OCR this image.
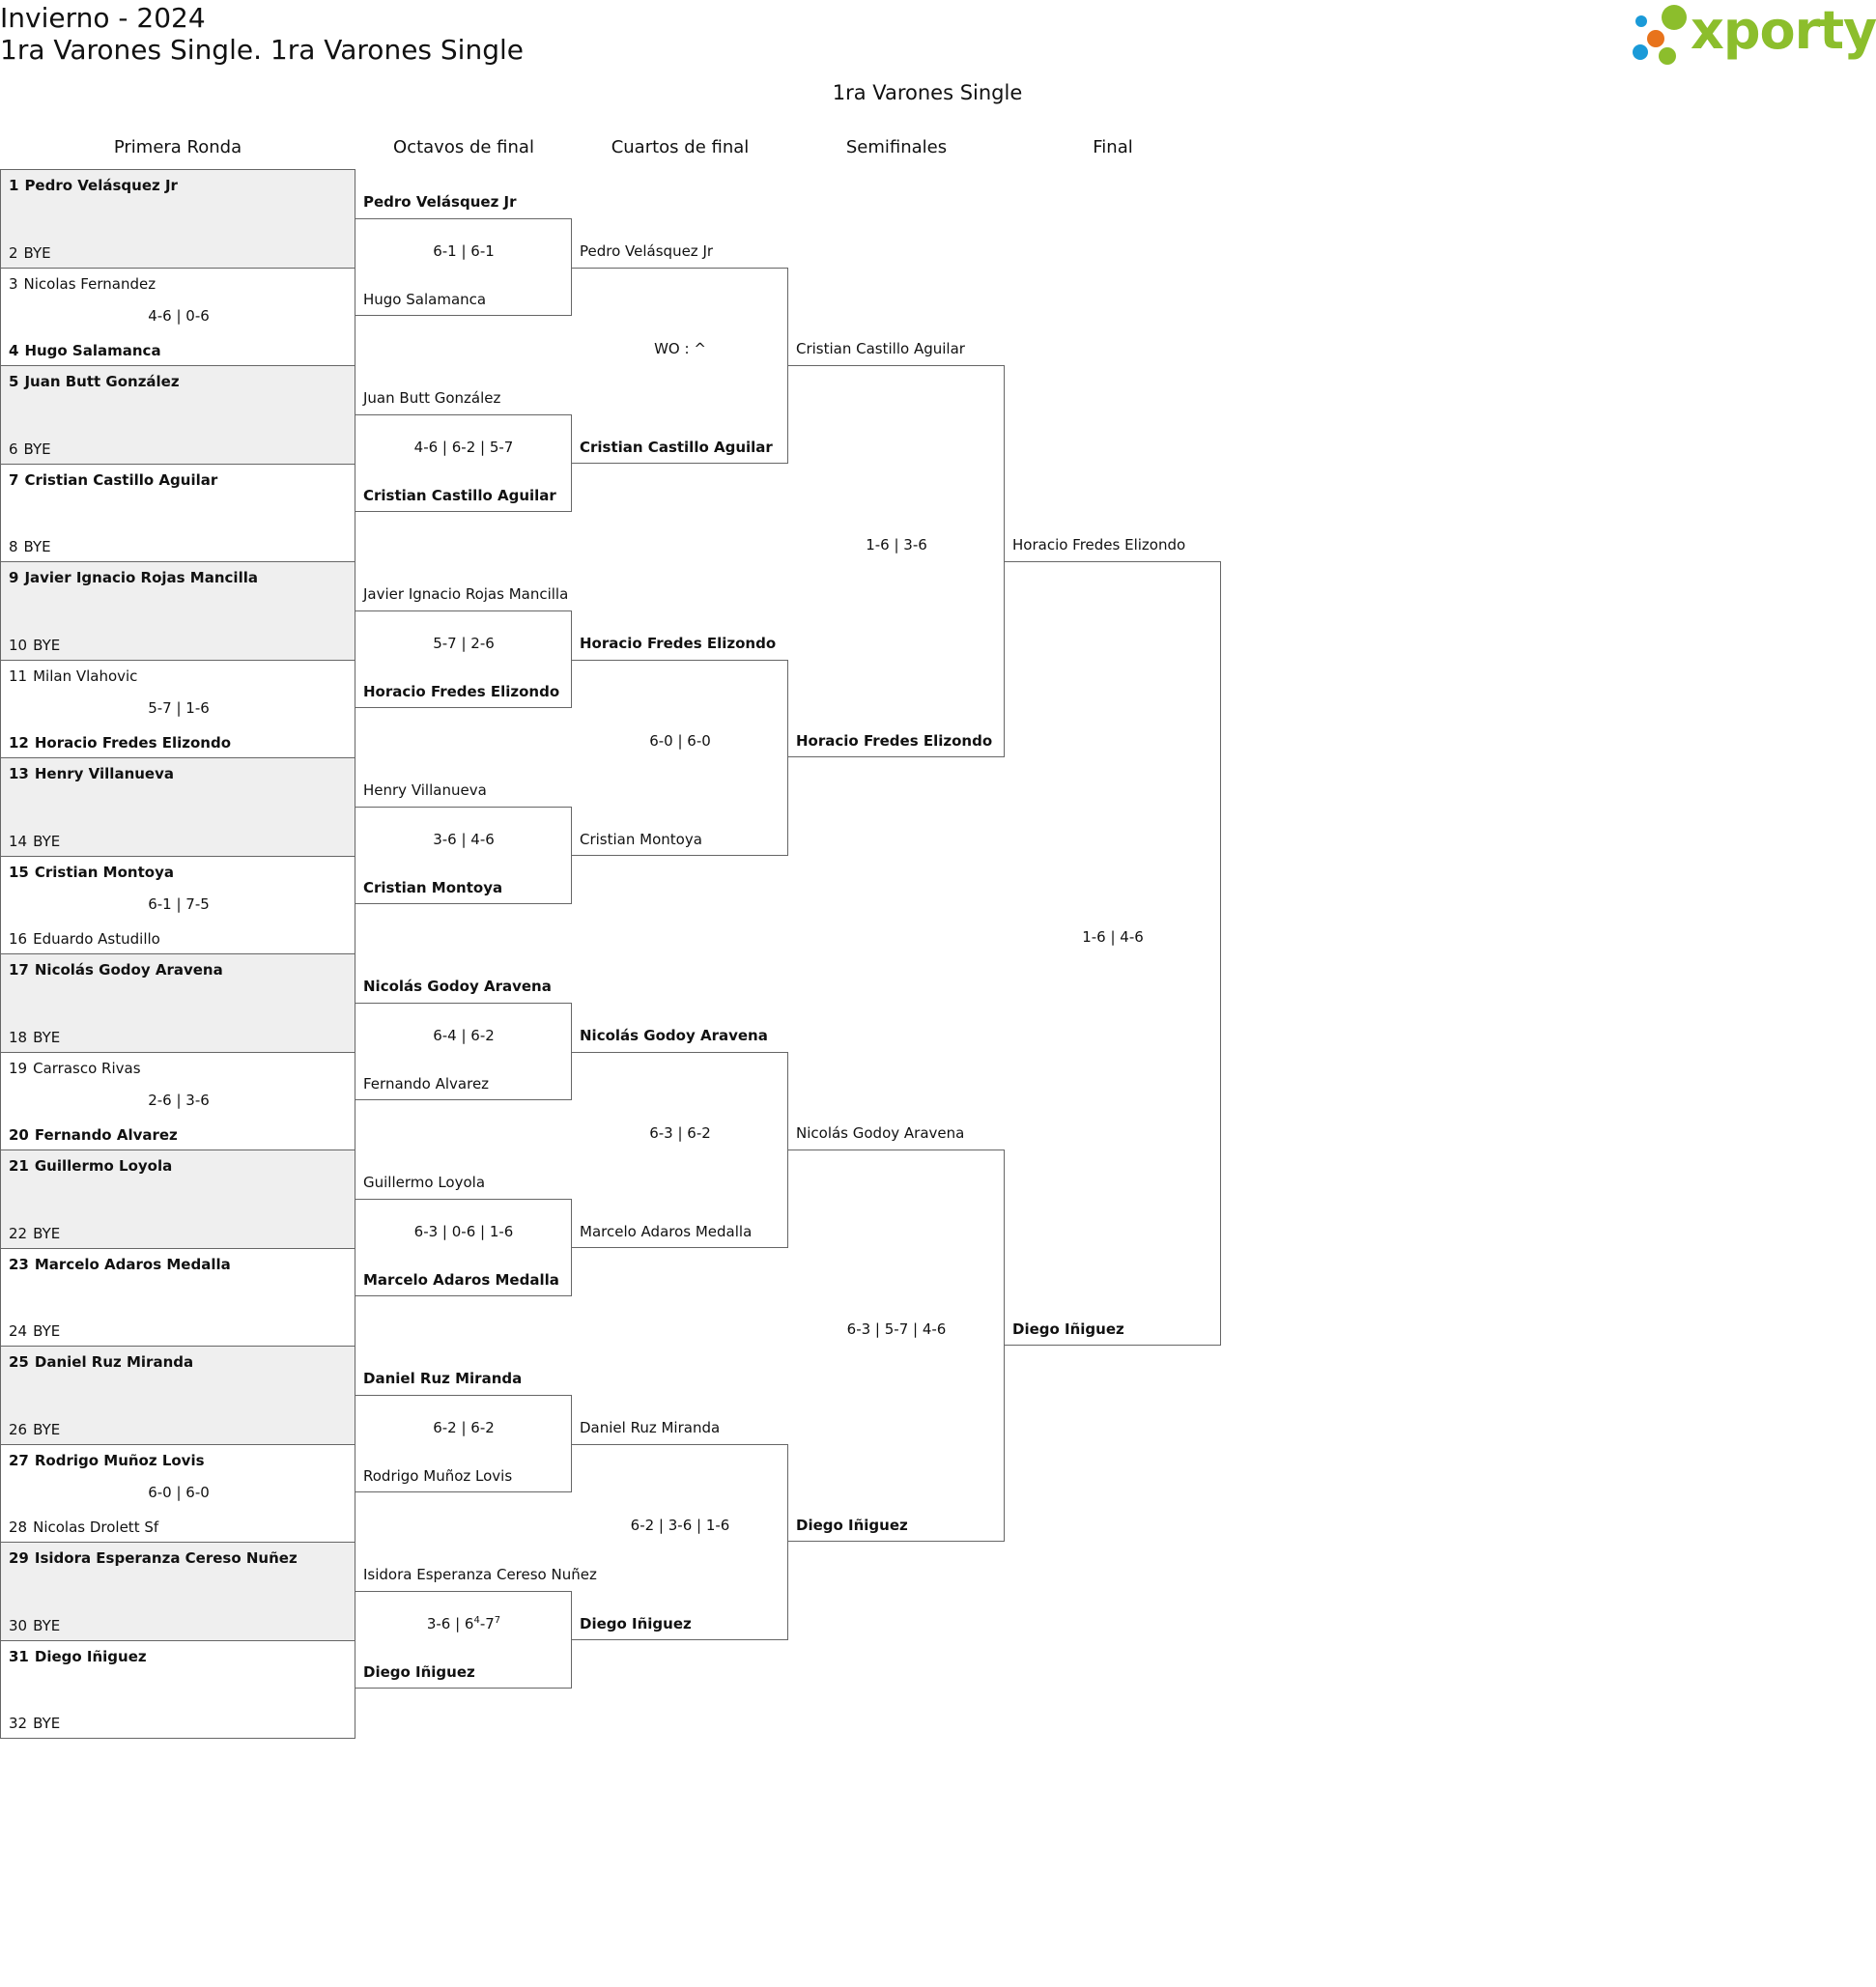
Invierno - 2024
1ra Varones Single. 1ra Varones Single	xporty
1ra Varones Single
Primera Ronda	Octavos de final	Cuartos de final	Semifinales	Final
1 Pedro Velásquez Jr
2 BYE
3 Nicolas Fernandez
4 Hugo Salamanca
4-6 | 0-6
5 Juan Butt González
6 BYE
7 Cristian Castillo Aguilar
8 BYE
9 Javier Ignacio Rojas Mancilla
10 BYE
11 Milan Vlahovic
12 Horacio Fredes Elizondo
5-7 | 1-6
13 Henry Villanueva
14 BYE
15 Cristian Montoya
16 Eduardo Astudillo
6-1 | 7-5
17 Nicolás Godoy Aravena
18 BYE
19 Carrasco Rivas
20 Fernando Alvarez
2-6 | 3-6
21 Guillermo Loyola
22 BYE
23 Marcelo Adaros Medalla
24 BYE
25 Daniel Ruz Miranda
26 BYE
27 Rodrigo Muñoz Lovis
28 Nicolas Drolett Sf
6-0 | 6-0
29 Isidora Esperanza Cereso Nuñez
30 BYE
31 Diego Iñiguez
32 BYE
Pedro Velásquez Jr
Hugo Salamanca
6-1 | 6-1
Juan Butt González
Cristian Castillo Aguilar
4-6 | 6-2 | 5-7
Javier Ignacio Rojas Mancilla
Horacio Fredes Elizondo
5-7 | 2-6
Henry Villanueva
Cristian Montoya
3-6 | 4-6
Nicolás Godoy Aravena
Fernando Alvarez
6-4 | 6-2
Guillermo Loyola
Marcelo Adaros Medalla
6-3 | 0-6 | 1-6
Daniel Ruz Miranda
Rodrigo Muñoz Lovis
6-2 | 6-2
Isidora Esperanza Cereso Nuñez
Diego Iñiguez
3-6 | $6^4-7^7$
Pedro Velásquez Jr
Cristian Castillo Aguilar
WO : ^
Horacio Fredes Elizondo
Cristian Montoya
6-0 | 6-0
Nicolás Godoy Aravena
Marcelo Adaros Medalla
6-3 | 6-2
Daniel Ruz Miranda
Diego Iñiguez
6-2 | 3-6 | 1-6
Cristian Castillo Aguilar
Horacio Fredes Elizondo
1-6 | 3-6
Nicolás Godoy Aravena
Diego Iñiguez
6-3 | 5-7 | 4-6
Horacio Fredes Elizondo
Diego Iñiguez
1-6 | 4-6
